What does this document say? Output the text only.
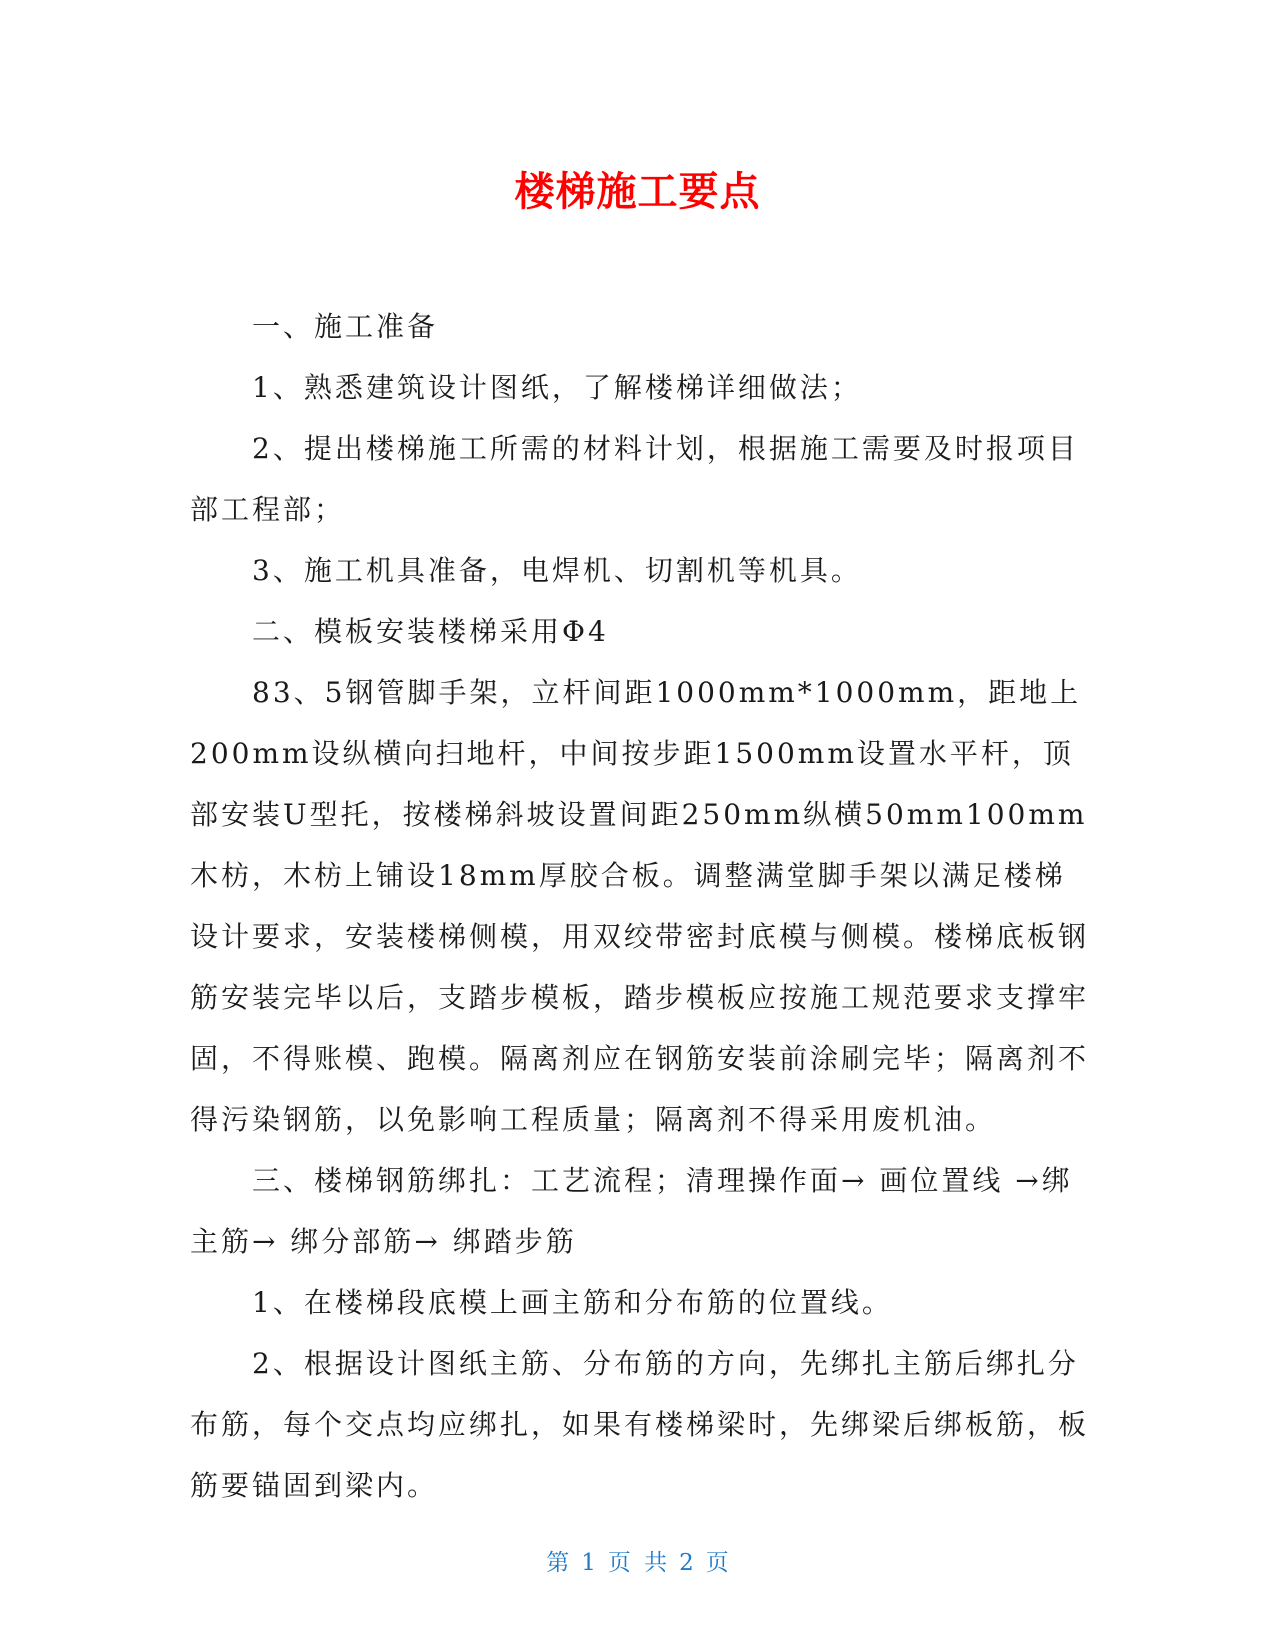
楼梯施工要点

一、施工准备

1、熟悉建筑设计图纸，了解楼梯详细做法；

2、提出楼梯施工所需的材料计划，根据施工需要及时报项目部工程部；

3、施工机具准备，电焊机、切割机等机具。

二、模板安装楼梯采用Φ4

83、5钢管脚手架，立杆间距1000mm*1000mm，距地上200mm设纵横向扫地杆，中间按步距1500mm设置水平杆，顶部安装U型托，按楼梯斜坡设置间距250mm纵横50mm100mm木枋，木枋上铺设18mm厚胶合板。调整满堂脚手架以满足楼梯设计要求，安装楼梯侧模，用双绞带密封底模与侧模。楼梯底板钢筋安装完毕以后，支踏步模板，踏步模板应按施工规范要求支撑牢固，不得账模、跑模。隔离剂应在钢筋安装前涂刷完毕；隔离剂不得污染钢筋，以免影响工程质量；隔离剂不得采用废机油。

三、楼梯钢筋绑扎：工艺流程；清理操作面→ 画位置线 →绑主筋→ 绑分部筋→ 绑踏步筋

1、在楼梯段底模上画主筋和分布筋的位置线。

2、根据设计图纸主筋、分布筋的方向，先绑扎主筋后绑扎分布筋，每个交点均应绑扎，如果有楼梯梁时，先绑梁后绑板筋，板筋要锚固到梁内。

第 1 页 共 2 页
